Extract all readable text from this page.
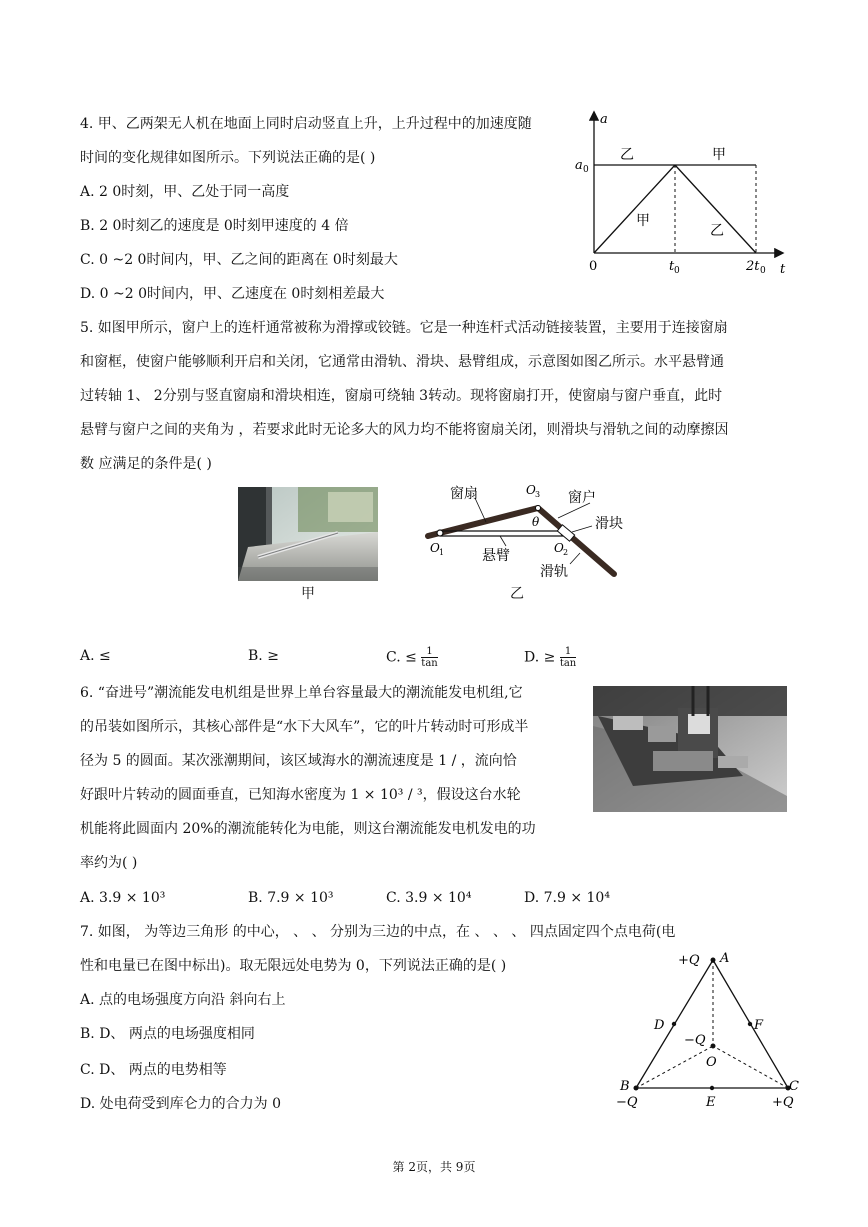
4. 甲、乙两架无人机在地面上同时启动竖直上升，上升过程中的加速度随
时间的变化规律如图所示。下列说法正确的是( )
A. 2 0时刻，甲、乙处于同一高度
B. 2 0时刻乙的速度是 0时刻甲速度的 4 倍
C. 0 ~2 0时间内，甲、乙之间的距离在 0时刻最大
D. 0 ~2 0时间内，甲、乙速度在 0时刻相差最大
a
t
a 0
0	t 0	2t 0
乙	甲
甲
乙
5. 如图甲所示，窗户上的连杆通常被称为滑撑或铰链。它是一种连杆式活动链接装置，主要用于连接窗扇
和窗框，使窗户能够顺利开启和关闭，它通常由滑轨、滑块、悬臂组成，示意图如图乙所示。水平悬臂通
过转轴 1、 2分别与竖直窗扇和滑块相连，窗扇可绕轴 3转动。现将窗扇打开，使窗扇与窗户垂直，此时
悬臂与窗户之间的夹角为 ，若要求此时无论多大的风力均不能将窗扇关闭，则滑块与滑轨之间的动摩擦因
数 应满足的条件是( )
甲
窗扇	窗户
滑块
悬臂
滑轨
O 3
θ
O 1	O 2
乙
A. ≤	B. ≥	C. ≤ $\frac{1}{\tan}$	D. ≥ $\frac{1}{\tan}$
6. “奋进号”潮流能发电机组是世界上单台容量最大的潮流能发电机组,它
的吊装如图所示，其核心部件是“水下大风车”，它的叶片转动时可形成半
径为 5 的圆面。某次涨潮期间，该区域海水的潮流速度是 1 / ，流向恰
好跟叶片转动的圆面垂直，已知海水密度为 1 × 10³ / ³，假设这台水轮
机能将此圆面内 20%的潮流能转化为电能，则这台潮流能发电机发电的功
率约为( )
A. 3.9 × 10³	B. 7.9 × 10³	C. 3.9 × 10⁴	D. 7.9 × 10⁴
7. 如图， 为等边三角形 的中心， 、 、 分别为三边的中点，在 、 、 、 四点固定四个点电荷(电
性和电量已在图中标出)。取无限远处电势为 0，下列说法正确的是( )
A. 点的电场强度方向沿 斜向右上
B. D、 两点的电场强度相同
C. D、 两点的电势相等
D. 处电荷受到库仑力的合力为 0
+Q A
D	F
−Q
O
B
−Q
C
+Q
E
第 2页，共 9页
